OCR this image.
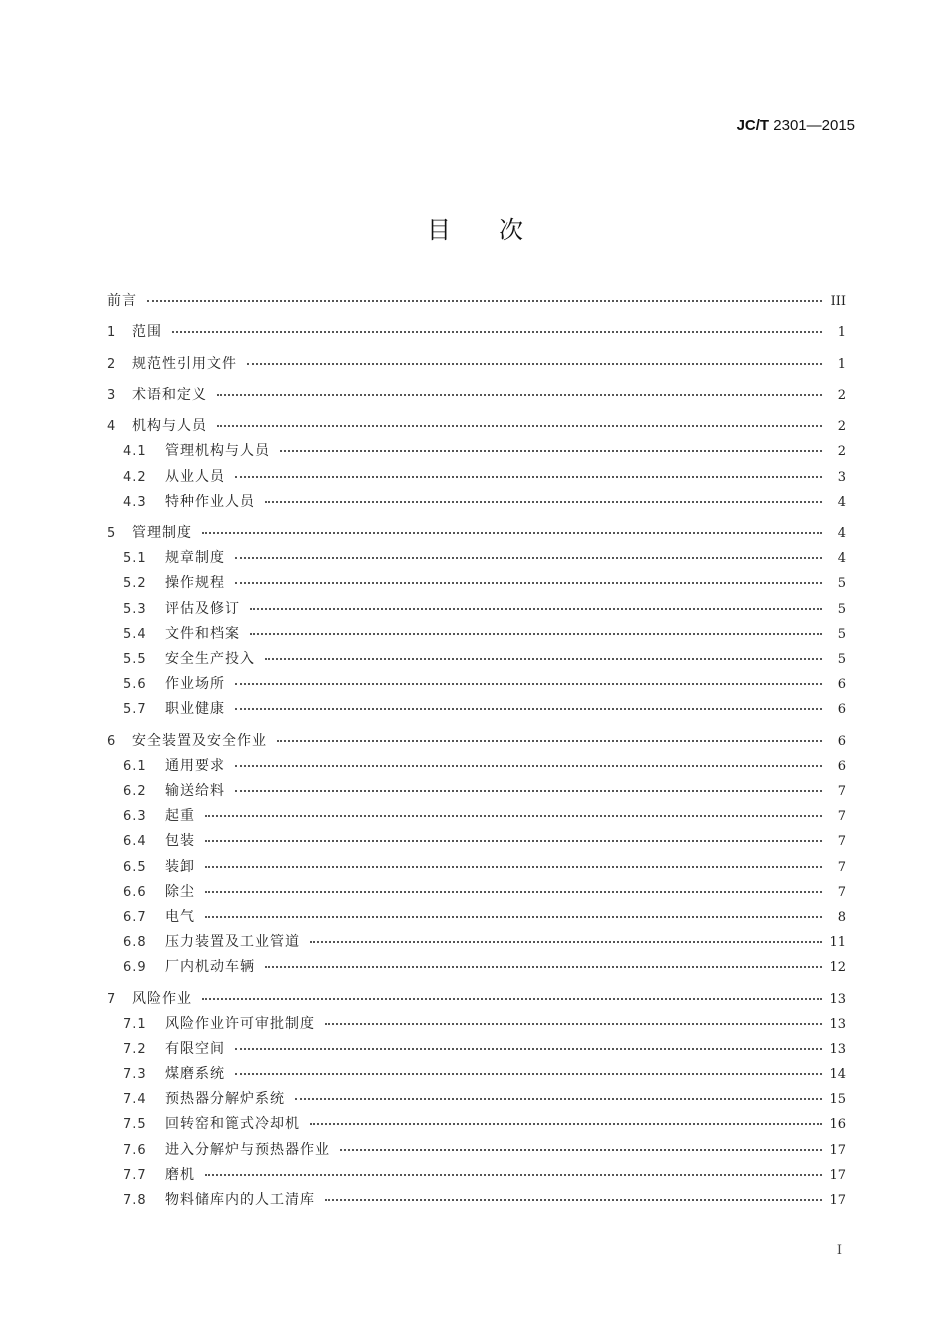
JC/T 2301—2015
目次
前言	III
1	范围	1
2	规范性引用文件	1
3	术语和定义	2
4	机构与人员	2
4.1	管理机构与人员	2
4.2	从业人员	3
4.3	特种作业人员	4
5	管理制度	4
5.1	规章制度	4
5.2	操作规程	5
5.3	评估及修订	5
5.4	文件和档案	5
5.5	安全生产投入	5
5.6	作业场所	6
5.7	职业健康	6
6	安全装置及安全作业	6
6.1	通用要求	6
6.2	输送给料	7
6.3	起重	7
6.4	包装	7
6.5	装卸	7
6.6	除尘	7
6.7	电气	8
6.8	压力装置及工业管道	11
6.9	厂内机动车辆	12
7	风险作业	13
7.1	风险作业许可审批制度	13
7.2	有限空间	13
7.3	煤磨系统	14
7.4	预热器分解炉系统	15
7.5	回转窑和篦式冷却机	16
7.6	进入分解炉与预热器作业	17
7.7	磨机	17
7.8	物料储库内的人工清库	17
I
